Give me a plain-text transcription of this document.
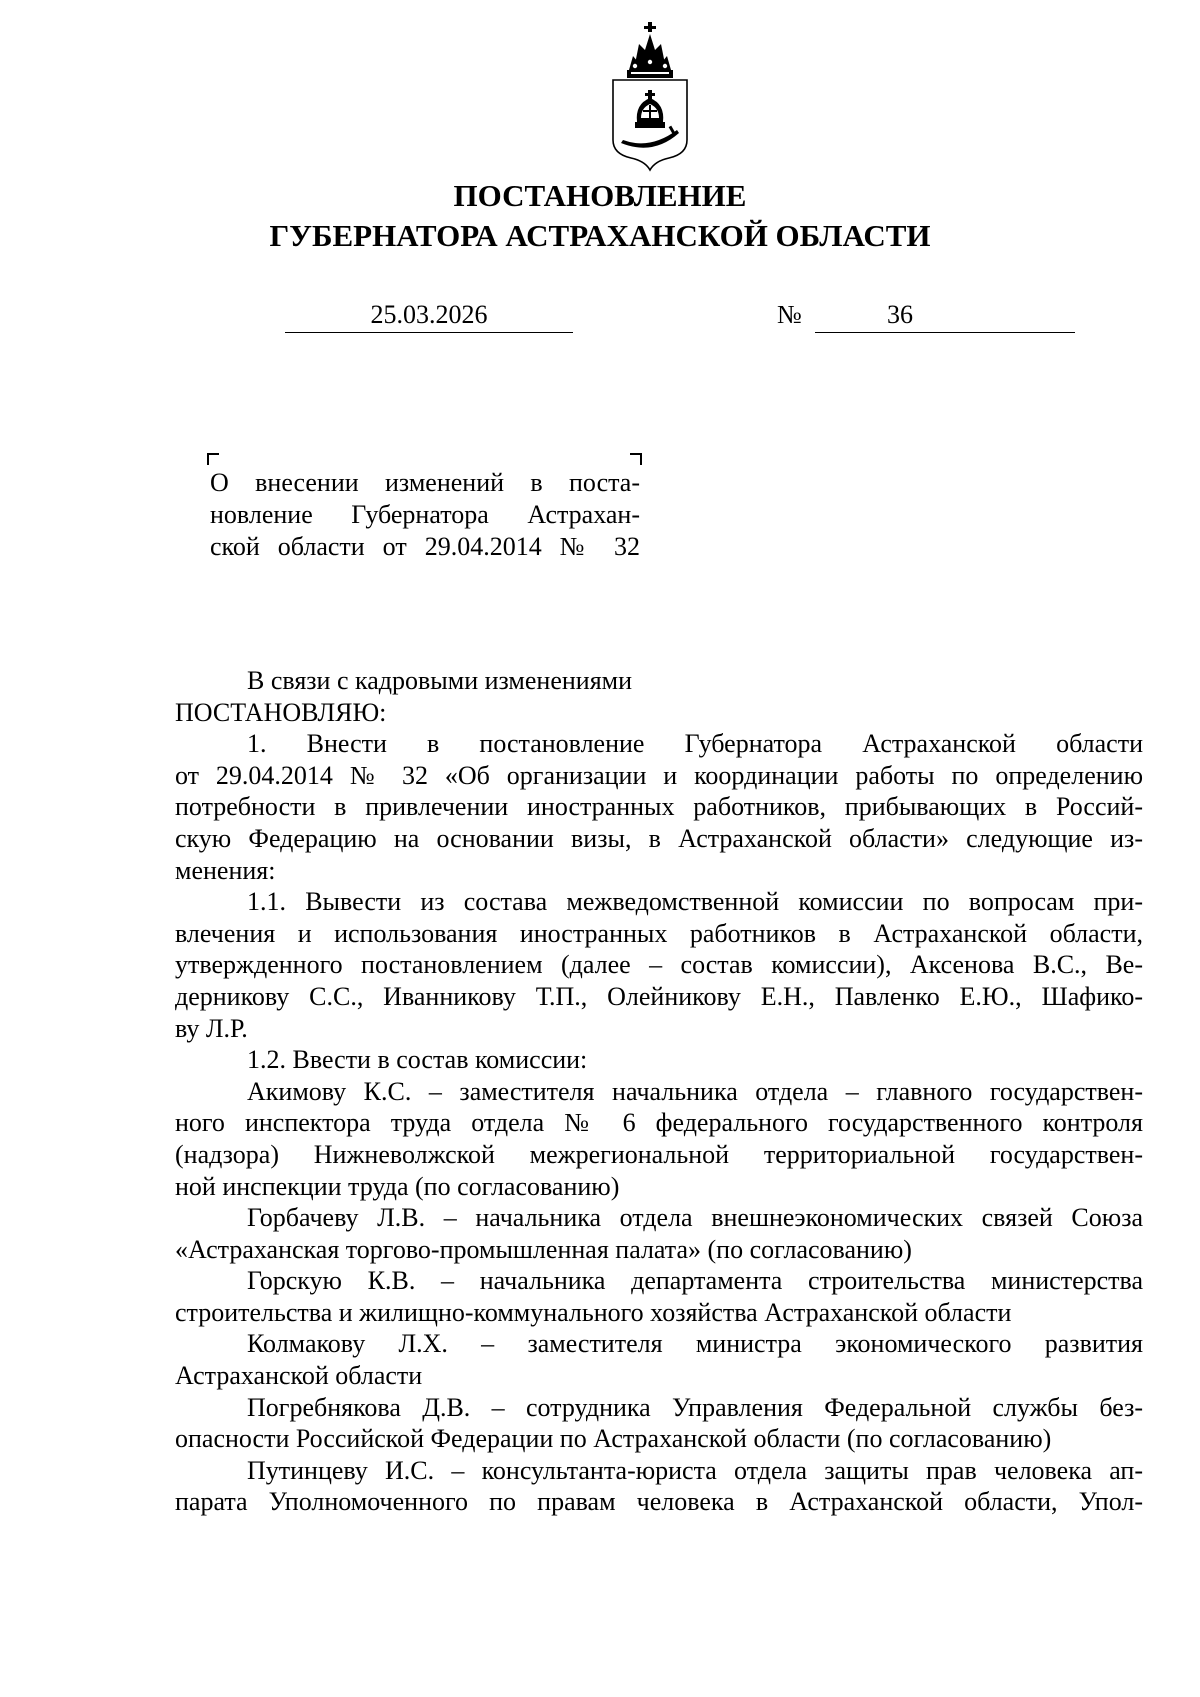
ПОСТАНОВЛЕНИЕ
ГУБЕРНАТОРА АСТРАХАНСКОЙ ОБЛАСТИ
25.03.2026	№	36
О внесении изменений в поста-
новление Губернатора Астрахан-
ской области от 29.04.2014 № 32
В связи с кадровыми изменениями
ПОСТАНОВЛЯЮ:
1. Внести в постановление Губернатора Астраханской области
от 29.04.2014 № 32 «Об организации и координации работы по определению
потребности в привлечении иностранных работников, прибывающих в Россий-
скую Федерацию на основании визы, в Астраханской области» следующие из-
менения:
1.1. Вывести из состава межведомственной комиссии по вопросам при-
влечения и использования иностранных работников в Астраханской области,
утвержденного постановлением (далее – состав комиссии), Аксенова В.С., Ве-
дерникову С.С., Иванникову Т.П., Олейникову Е.Н., Павленко Е.Ю., Шафико-
ву Л.Р.
1.2. Ввести в состав комиссии:
Акимову К.С. – заместителя начальника отдела – главного государствен-
ного инспектора труда отдела № 6 федерального государственного контроля
(надзора) Нижневолжской межрегиональной территориальной государствен-
ной инспекции труда (по согласованию)
Горбачеву Л.В. – начальника отдела внешнеэкономических связей Союза
«Астраханская торгово-промышленная палата» (по согласованию)
Горскую К.В. – начальника департамента строительства министерства
строительства и жилищно-коммунального хозяйства Астраханской области
Колмакову Л.Х. – заместителя министра экономического развития
Астраханской области
Погребнякова Д.В. – сотрудника Управления Федеральной службы без-
опасности Российской Федерации по Астраханской области (по согласованию)
Путинцеву И.С. – консультанта-юриста отдела защиты прав человека ап-
парата Уполномоченного по правам человека в Астраханской области, Упол-
